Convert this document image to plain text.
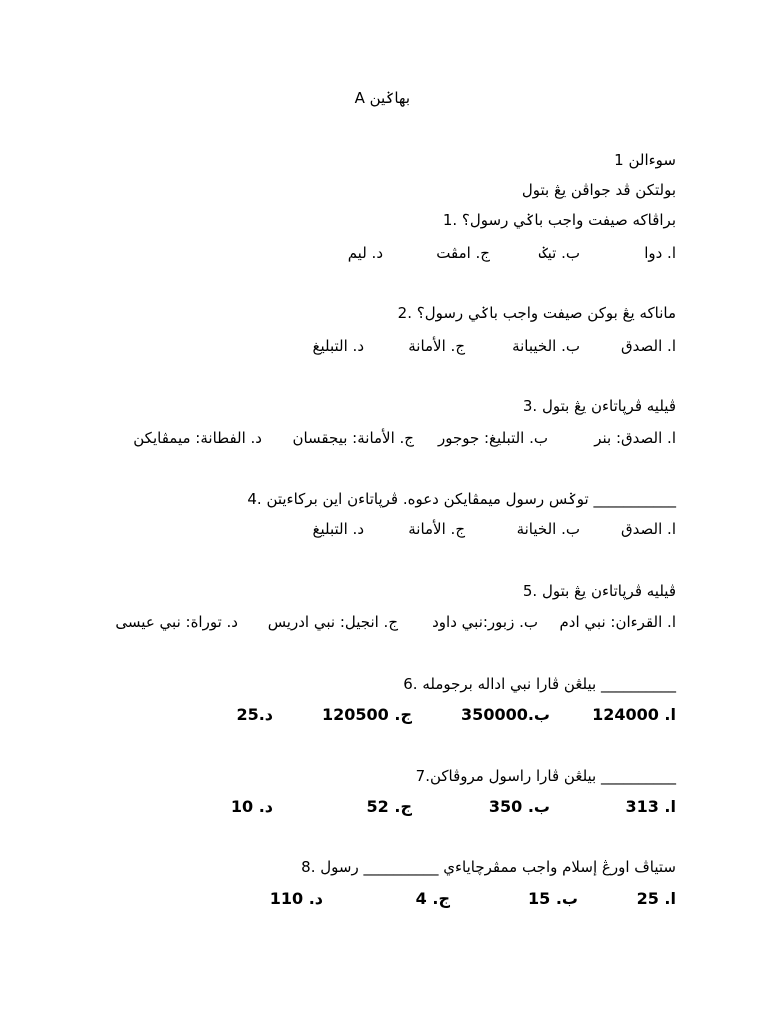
بهاݢين A
سوءالن 1
بولتكن ڤد جواڤن يڠ بتول
براڤاكه صيفت واجب باݢي رسول؟ .1
ا. دوا
ب. تيݢ
ج. امڤت
د. ليم
ماناكه يڠ بوكن صيفت واجب باݢي رسول؟ .2
ا. الصدق
ب. الخيبانة
ج. الأمانة
د. التبليغ
ڤيليه ڤرڽاتاءن يڠ بتول .3
ا. الصدق: بنر
ب. التبليغ: جوجور
ج. الأمانة: بيجقسان
د. الفطانة: ميمڤايكن
___________ توݢس رسول ميمڤايكن دعوه. ڤرڽاتاءن اين برکاءيتن .4
ا. الصدق
ب. الخيانة
ج. الأمانة
د. التبليغ
ڤيليه ڤرڽاتاءن يڠ بتول .5
ا. القرءان: نبي ادم
ب. زبور:نبي داود
ج. انجيل: نبي ادريس
د. توراة: نبي عيسى
__________ بيلڠن ڤارا نبي اداله برجومله .6
ا. 124000
ب.350000
ج. 120500
د.25
__________ بيلڠن ڤارا راسول مروڤاکن.7
ا. 313
ب. 350
ج. 52
د. 10
ستياڤ اورڠ إسلام واجب ممڤرچاياءي __________ رسول .8
ا. 25
ب. 15
ج. 4
د. 110
